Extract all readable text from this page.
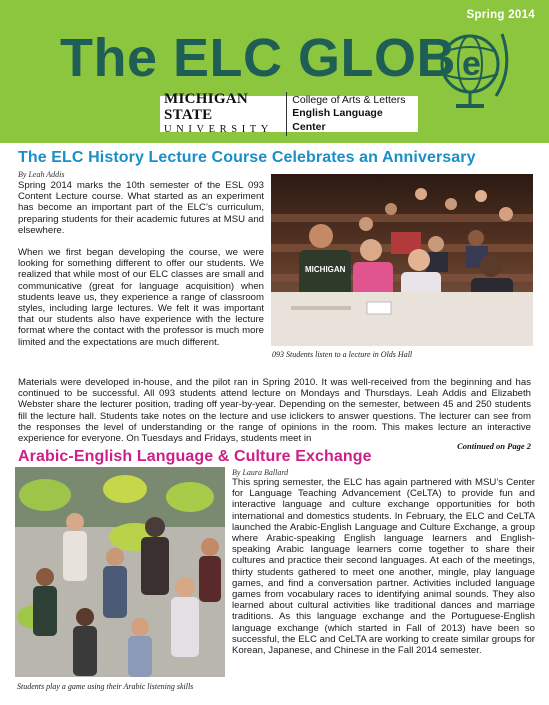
Spring 2014
The ELC GLOB e
MICHIGAN STATE
UNIVERSITY
College of Arts & Letters
English Language Center
The ELC History Lecture Course Celebrates an Anniversary
By Leah Addis

Spring 2014 marks the 10th semester of the ESL 093 Content Lecture course. What started as an experiment has become an important part of the ELC’s curriculum, preparing students for their academic futures at MSU and elsewhere.

When we first began developing the course, we were looking for something different to offer our students. We realized that while most of our ELC classes are small and communicative (great for language acquisition) when students leave us, they experience a range of classroom styles, including large lectures. We felt it was important that our students also have experience with the lecture format where the contact with the professor is much more limited and the expectations are much different.

MICHIGAN
093 Students listen to a lecture in Olds Hall

Materials were developed in-house, and the pilot ran in Spring 2010. It was well-received from the beginning and has continued to be successful. All 093 students attend lecture on Mondays and Thursdays. Leah Addis and Elizabeth Webster share the lecturer position, trading off year-by-year. Depending on the semester, between 45 and 250 students fill the lecture hall. Students take notes on the lecture and use iclickers to answer questions. The lecturer can see from the responses the level of understanding or the range of opinions in the room. This makes lecture an interactive experience for everyone. On Tuesdays and Fridays, students meet in

Continued on Page 2
Arabic-English Language & Culture Exchange
By Laura Ballard
Students play a game using their Arabic listening skills

This spring semester, the ELC has again partnered with MSU’s Center for Language Teaching Advancement (CeLTA) to provide fun and interactive language and culture exchange opportunities for both international and domestics students. In February, the ELC and CeLTA launched the Arabic-English Language and Culture Exchange, a group where Arabic-speaking English language learners and English-speaking Arabic language learners come together to share their cultures and practice their second languages. At each of the meetings, thirty students gathered to meet one another, mingle, play language games, and find a conversation partner. Activities included language games from vocabulary races to identifying animal sounds. They also learned about cultural activities like traditional dances and marriage traditions. As this language exchange and the Portuguese-English language exchange (which started in Fall of 2013) have been so successful, the ELC and CeLTA are working to create similar groups for Korean, Japanese, and Chinese in the Fall 2014 semester.
